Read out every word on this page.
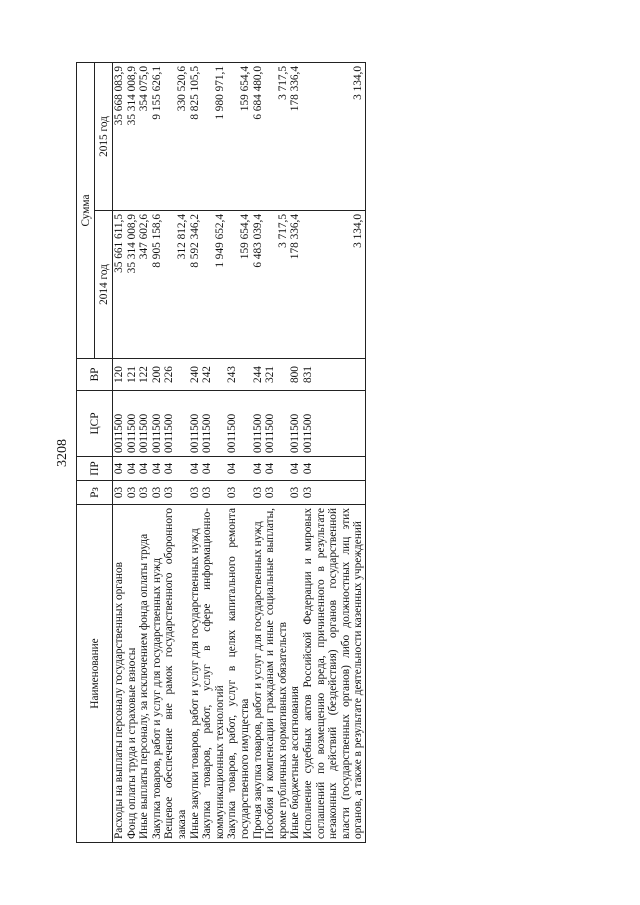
3208
Наименование	Рз	ПР	ЦСР	ВР	Сумма	
					2014 год	2015 год
Расходы на выплаты персоналу государственных органов	03	04	0011500	120	35 661 611,5	35 668 083,9
Фонд оплаты труда и страховые взносы	03	04	0011500	121	35 314 008,9	35 314 008,9
Иные выплаты персоналу, за исключением фонда оплаты труда	03	04	0011500	122	347 602,6	354 075,0
Закупка товаров, работ и услуг для государственных нужд	03	04	0011500	200	8 905 158,6	9 155 626,1
Вещевое обеспечение вне рамок государственного оборонного заказа	03	04	0011500	226	312 812,4	330 520,6
Иные закупки товаров, работ и услуг для государственных нужд	03	04	0011500	240	8 592 346,2	8 825 105,5
Закупка товаров, работ, услуг в сфере информационно-коммуникационных технологий	03	04	0011500	242	1 949 652,4	1 980 971,1
Закупка товаров, работ, услуг в целях капитального ремонта государственного имущества	03	04	0011500	243	159 654,4	159 654,4
Прочая закупка товаров, работ и услуг для государственных нужд	03	04	0011500	244	6 483 039,4	6 684 480,0
Пособия и компенсации гражданам и иные социальные выплаты, кроме публичных нормативных обязательств	03	04	0011500	321	3 717,5	3 717,5
Иные бюджетные ассигнования	03	04	0011500	800	178 336,4	178 336,4
Исполнение судебных актов Российской Федерации и мировых соглашений по возмещению вреда, причиненного в результате незаконных действий (бездействия) органов государственной власти (государственных органов) либо должностных лиц этих органов, а также в результате деятельности казенных учреждений	03	04	0011500	831	3 134,0	3 134,0
